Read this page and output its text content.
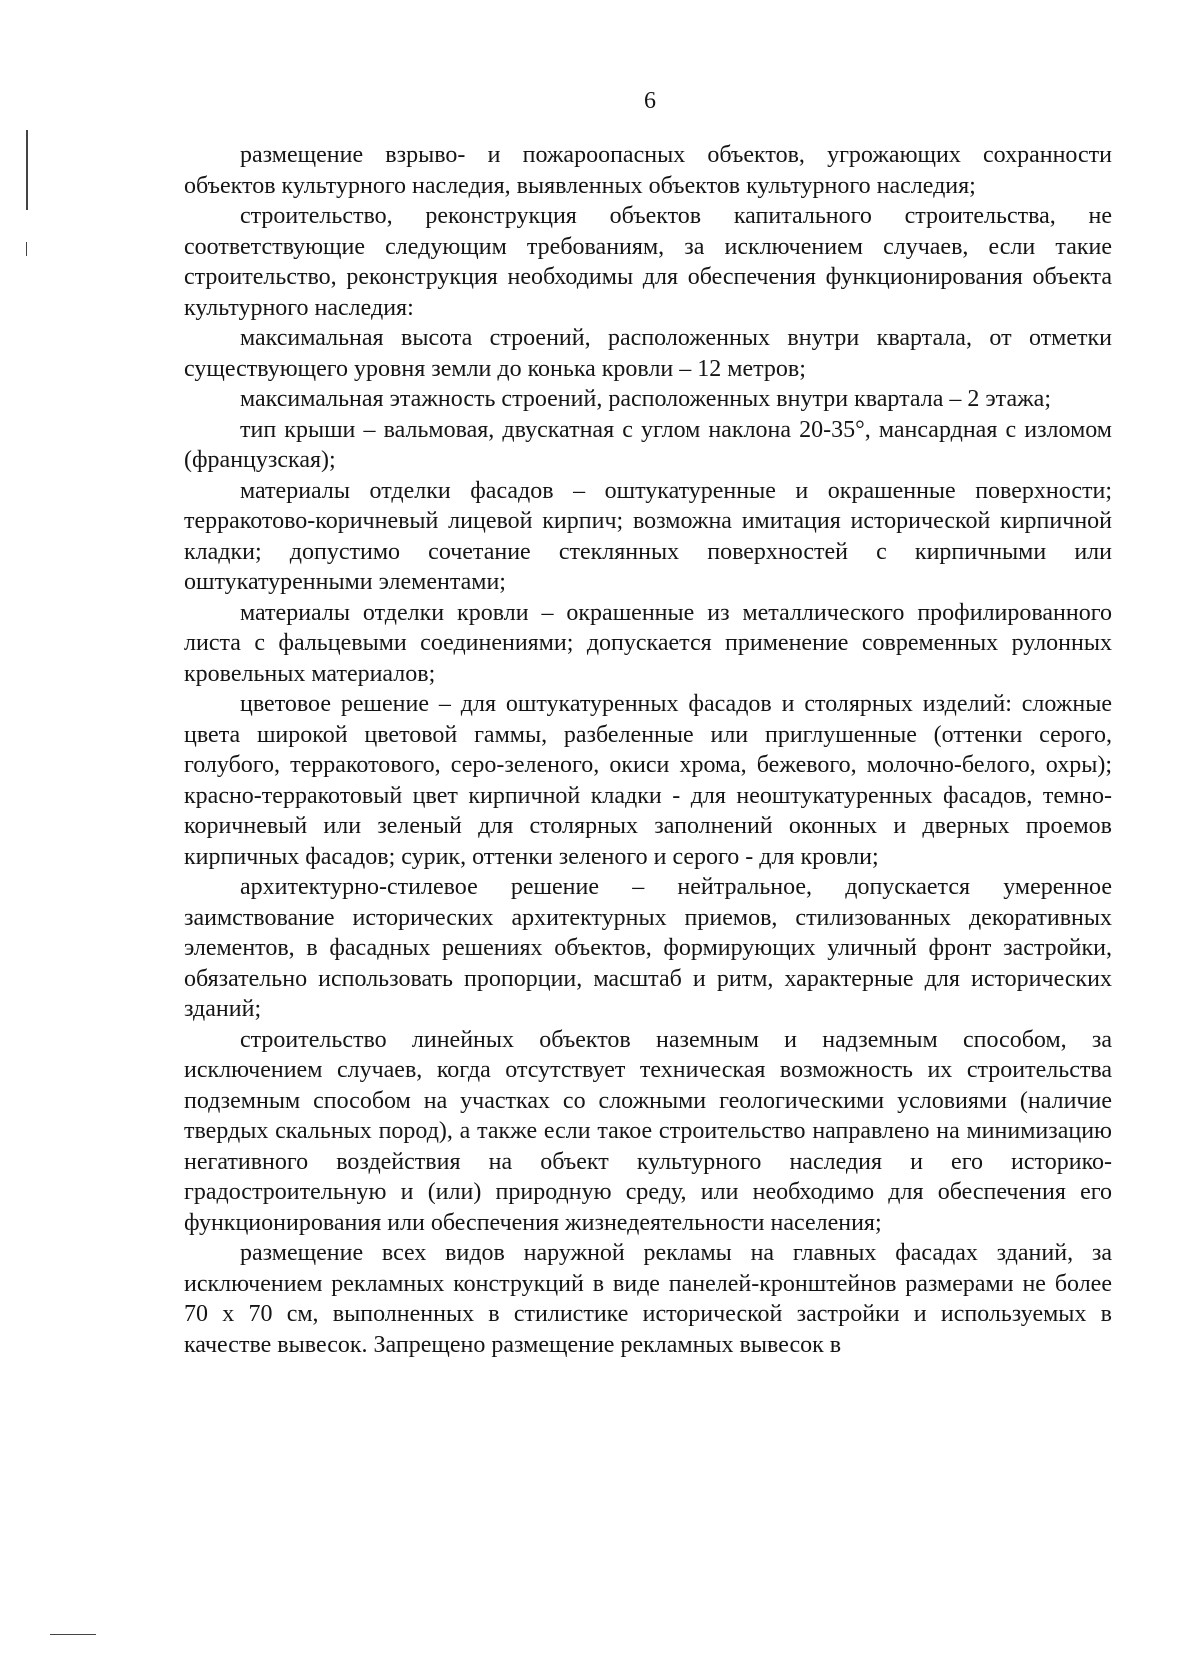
6

размещение взрыво- и пожароопасных объектов, угрожающих сохранности объектов культурного наследия, выявленных объектов культурного наследия;

строительство, реконструкция объектов капитального строительства, не соответствующие следующим требованиям, за исключением случаев, если такие строительство, реконструкция необходимы для обеспечения функционирования объекта культурного наследия:

максимальная высота строений, расположенных внутри квартала, от отметки существующего уровня земли до конька кровли – 12 метров;

максимальная этажность строений, расположенных внутри квартала – 2 этажа;

тип крыши – вальмовая, двускатная с углом наклона 20-35°, мансардная с изломом (французская);

материалы отделки фасадов – оштукатуренные и окрашенные поверхности; терракотово-коричневый лицевой кирпич; возможна имитация исторической кирпичной кладки; допустимо сочетание стеклянных поверхностей с кирпичными или оштукатуренными элементами;

материалы отделки кровли – окрашенные из металлического профилированного листа с фальцевыми соединениями; допускается применение современных рулонных кровельных материалов;

цветовое решение – для оштукатуренных фасадов и столярных изделий: сложные цвета широкой цветовой гаммы, разбеленные или приглушенные (оттенки серого, голубого, терракотового, серо-зеленого, окиси хрома, бежевого, молочно-белого, охры); красно-терракотовый цвет кирпичной кладки - для неоштукатуренных фасадов, темно-коричневый или зеленый для столярных заполнений оконных и дверных проемов кирпичных фасадов; сурик, оттенки зеленого и серого - для кровли;

архитектурно-стилевое решение – нейтральное, допускается умеренное заимствование исторических архитектурных приемов, стилизованных декоративных элементов, в фасадных решениях объектов, формирующих уличный фронт застройки, обязательно использовать пропорции, масштаб и ритм, характерные для исторических зданий;

строительство линейных объектов наземным и надземным способом, за исключением случаев, когда отсутствует техническая возможность их строительства подземным способом на участках со сложными геологическими условиями (наличие твердых скальных пород), а также если такое строительство направлено на минимизацию негативного воздействия на объект культурного наследия и его историко-градостроительную и (или) природную среду, или необходимо для обеспечения его функционирования или обеспечения жизнедеятельности населения;

размещение всех видов наружной рекламы на главных фасадах зданий, за исключением рекламных конструкций в виде панелей-кронштейнов размерами не более 70 х 70 см, выполненных в стилистике исторической застройки и используемых в качестве вывесок. Запрещено размещение рекламных вывесок в
